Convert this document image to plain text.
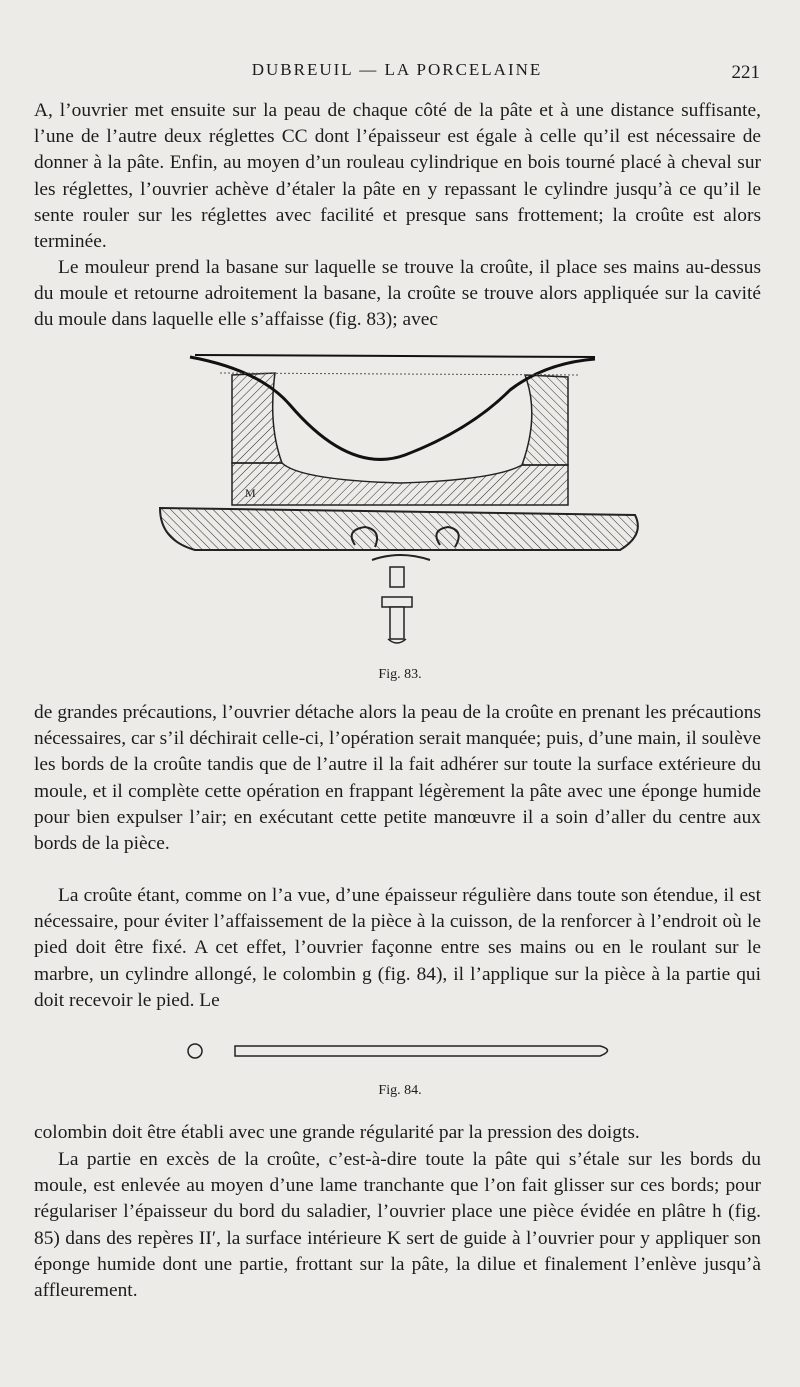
DUBREUIL — LA PORCELAINE	221

A, l’ouvrier met ensuite sur la peau de chaque côté de la pâte et à une distance suffisante, l’une de l’autre deux réglettes CC dont l’épaisseur est égale à celle qu’il est nécessaire de donner à la pâte. Enfin, au moyen d’un rouleau cylindrique en bois tourné placé à cheval sur les réglettes, l’ouvrier achève d’étaler la pâte en y repassant le cylindre jusqu’à ce qu’il le sente rouler sur les réglettes avec facilité et presque sans frottement; la croûte est alors terminée.

Le mouleur prend la basane sur laquelle se trouve la croûte, il place ses mains au-dessus du moule et retourne adroitement la basane, la croûte se trouve alors appliquée sur la cavité du moule dans laquelle elle s’affaisse (fig. 83); avec

M
Fig. 83.

de grandes précautions, l’ouvrier détache alors la peau de la croûte en prenant les précautions nécessaires, car s’il déchirait celle-ci, l’opération serait manquée; puis, d’une main, il soulève les bords de la croûte tandis que de l’autre il la fait adhérer sur toute la surface extérieure du moule, et il complète cette opération en frappant légèrement la pâte avec une éponge humide pour bien expulser l’air; en exécutant cette petite manœuvre il a soin d’aller du centre aux bords de la pièce.

La croûte étant, comme on l’a vue, d’une épaisseur régulière dans toute son étendue, il est nécessaire, pour éviter l’affaissement de la pièce à la cuisson, de la renforcer à l’endroit où le pied doit être fixé. A cet effet, l’ouvrier façonne entre ses mains ou en le roulant sur le marbre, un cylindre allongé, le colombin g (fig. 84), il l’applique sur la pièce à la partie qui doit recevoir le pied. Le

Fig. 84.

colombin doit être établi avec une grande régularité par la pression des doigts.

La partie en excès de la croûte, c’est-à-dire toute la pâte qui s’étale sur les bords du moule, est enlevée au moyen d’une lame tranchante que l’on fait glisser sur ces bords; pour régulariser l’épaisseur du bord du saladier, l’ouvrier place une pièce évidée en plâtre h (fig. 85) dans des repères II′, la surface intérieure K sert de guide à l’ouvrier pour y appliquer son éponge humide dont une partie, frottant sur la pâte, la dilue et finalement l’enlève jusqu’à affleurement.
